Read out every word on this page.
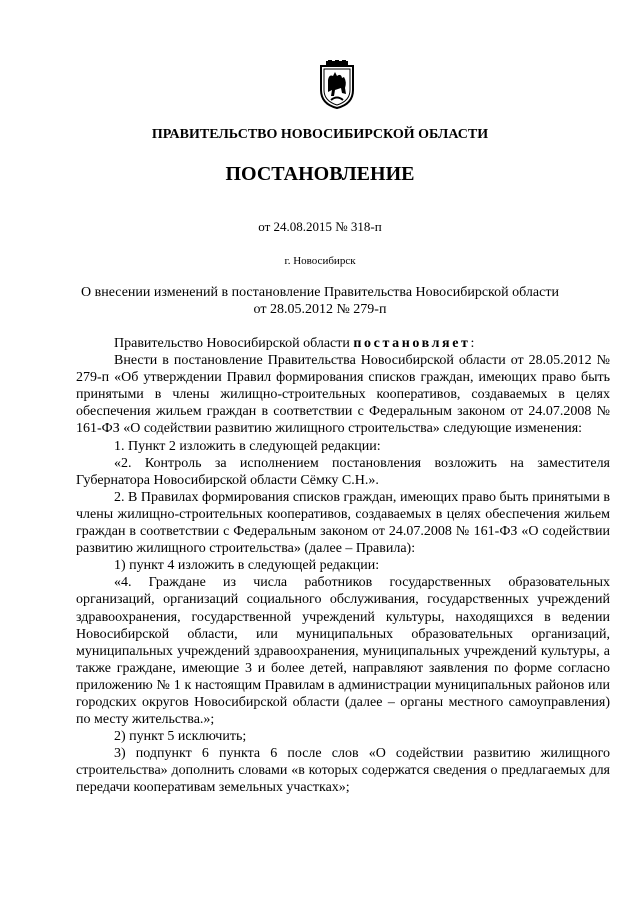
ПРАВИТЕЛЬСТВО НОВОСИБИРСКОЙ ОБЛАСТИ
ПОСТАНОВЛЕНИЕ
от 24.08.2015 № 318-п
г. Новосибирск
О внесении изменений в постановление Правительства Новосибирской области
от 28.05.2012 № 279-п

Правительство Новосибирской области постановляет:

Внести в постановление Правительства Новосибирской области от 28.05.2012 № 279-п «Об утверждении Правил формирования списков граждан, имеющих право быть принятыми в члены жилищно-строительных кооперативов, создаваемых в целях обеспечения жильем граждан в соответствии с Федеральным законом от 24.07.2008 № 161-ФЗ «О содействии развитию жилищного строительства» следующие изменения:

1. Пункт 2 изложить в следующей редакции:

«2. Контроль за исполнением постановления возложить на заместителя Губернатора Новосибирской области Сёмку С.Н.».

2. В Правилах формирования списков граждан, имеющих право быть принятыми в члены жилищно-строительных кооперативов, создаваемых в целях обеспечения жильем граждан в соответствии с Федеральным законом от 24.07.2008 № 161-ФЗ «О содействии развитию жилищного строительства» (далее – Правила):

1) пункт 4 изложить в следующей редакции:

«4. Граждане из числа работников государственных образовательных организаций, организаций социального обслуживания, государственных учреждений здравоохранения, государственной учреждений культуры, находящихся в ведении Новосибирской области, или муниципальных образовательных организаций, муниципальных учреждений здравоохранения, муниципальных учреждений культуры, а также граждане, имеющие 3 и более детей, направляют заявления по форме согласно приложению № 1 к настоящим Правилам в администрации муниципальных районов или городских округов Новосибирской области (далее – органы местного самоуправления) по месту жительства.»;

2) пункт 5 исключить;

3) подпункт 6 пункта 6 после слов «О содействии развитию жилищного строительства» дополнить словами «в которых содержатся сведения о предлагаемых для передачи кооперативам земельных участках»;
